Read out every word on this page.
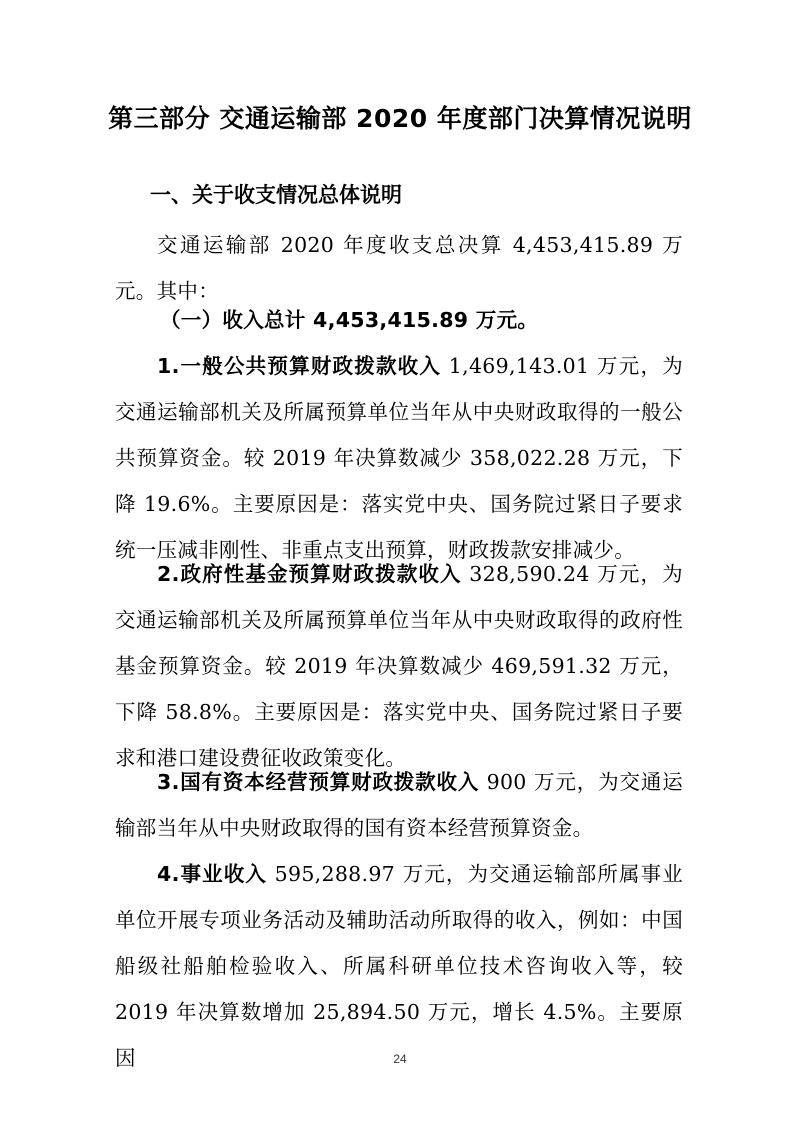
第三部分 交通运输部 2020 年度部门决算情况说明
一、关于收支情况总体说明
交通运输部 2020 年度收支总决算 4,453,415.89 万元。其中：
（一）收入总计 4,453,415.89 万元。
1.一般公共预算财政拨款收入 1,469,143.01 万元，为交通运输部机关及所属预算单位当年从中央财政取得的一般公共预算资金。较 2019 年决算数减少 358,022.28 万元，下降 19.6%。主要原因是：落实党中央、国务院过紧日子要求统一压减非刚性、非重点支出预算，财政拨款安排减少。
2.政府性基金预算财政拨款收入 328,590.24 万元，为交通运输部机关及所属预算单位当年从中央财政取得的政府性基金预算资金。较 2019 年决算数减少 469,591.32 万元，下降 58.8%。主要原因是：落实党中央、国务院过紧日子要求和港口建设费征收政策变化。
3.国有资本经营预算财政拨款收入 900 万元，为交通运输部当年从中央财政取得的国有资本经营预算资金。
4.事业收入 595,288.97 万元，为交通运输部所属事业单位开展专项业务活动及辅助活动所取得的收入，例如：中国船级社船舶检验收入、所属科研单位技术咨询收入等，较 2019 年决算数增加 25,894.50 万元，增长 4.5%。主要原因	24
